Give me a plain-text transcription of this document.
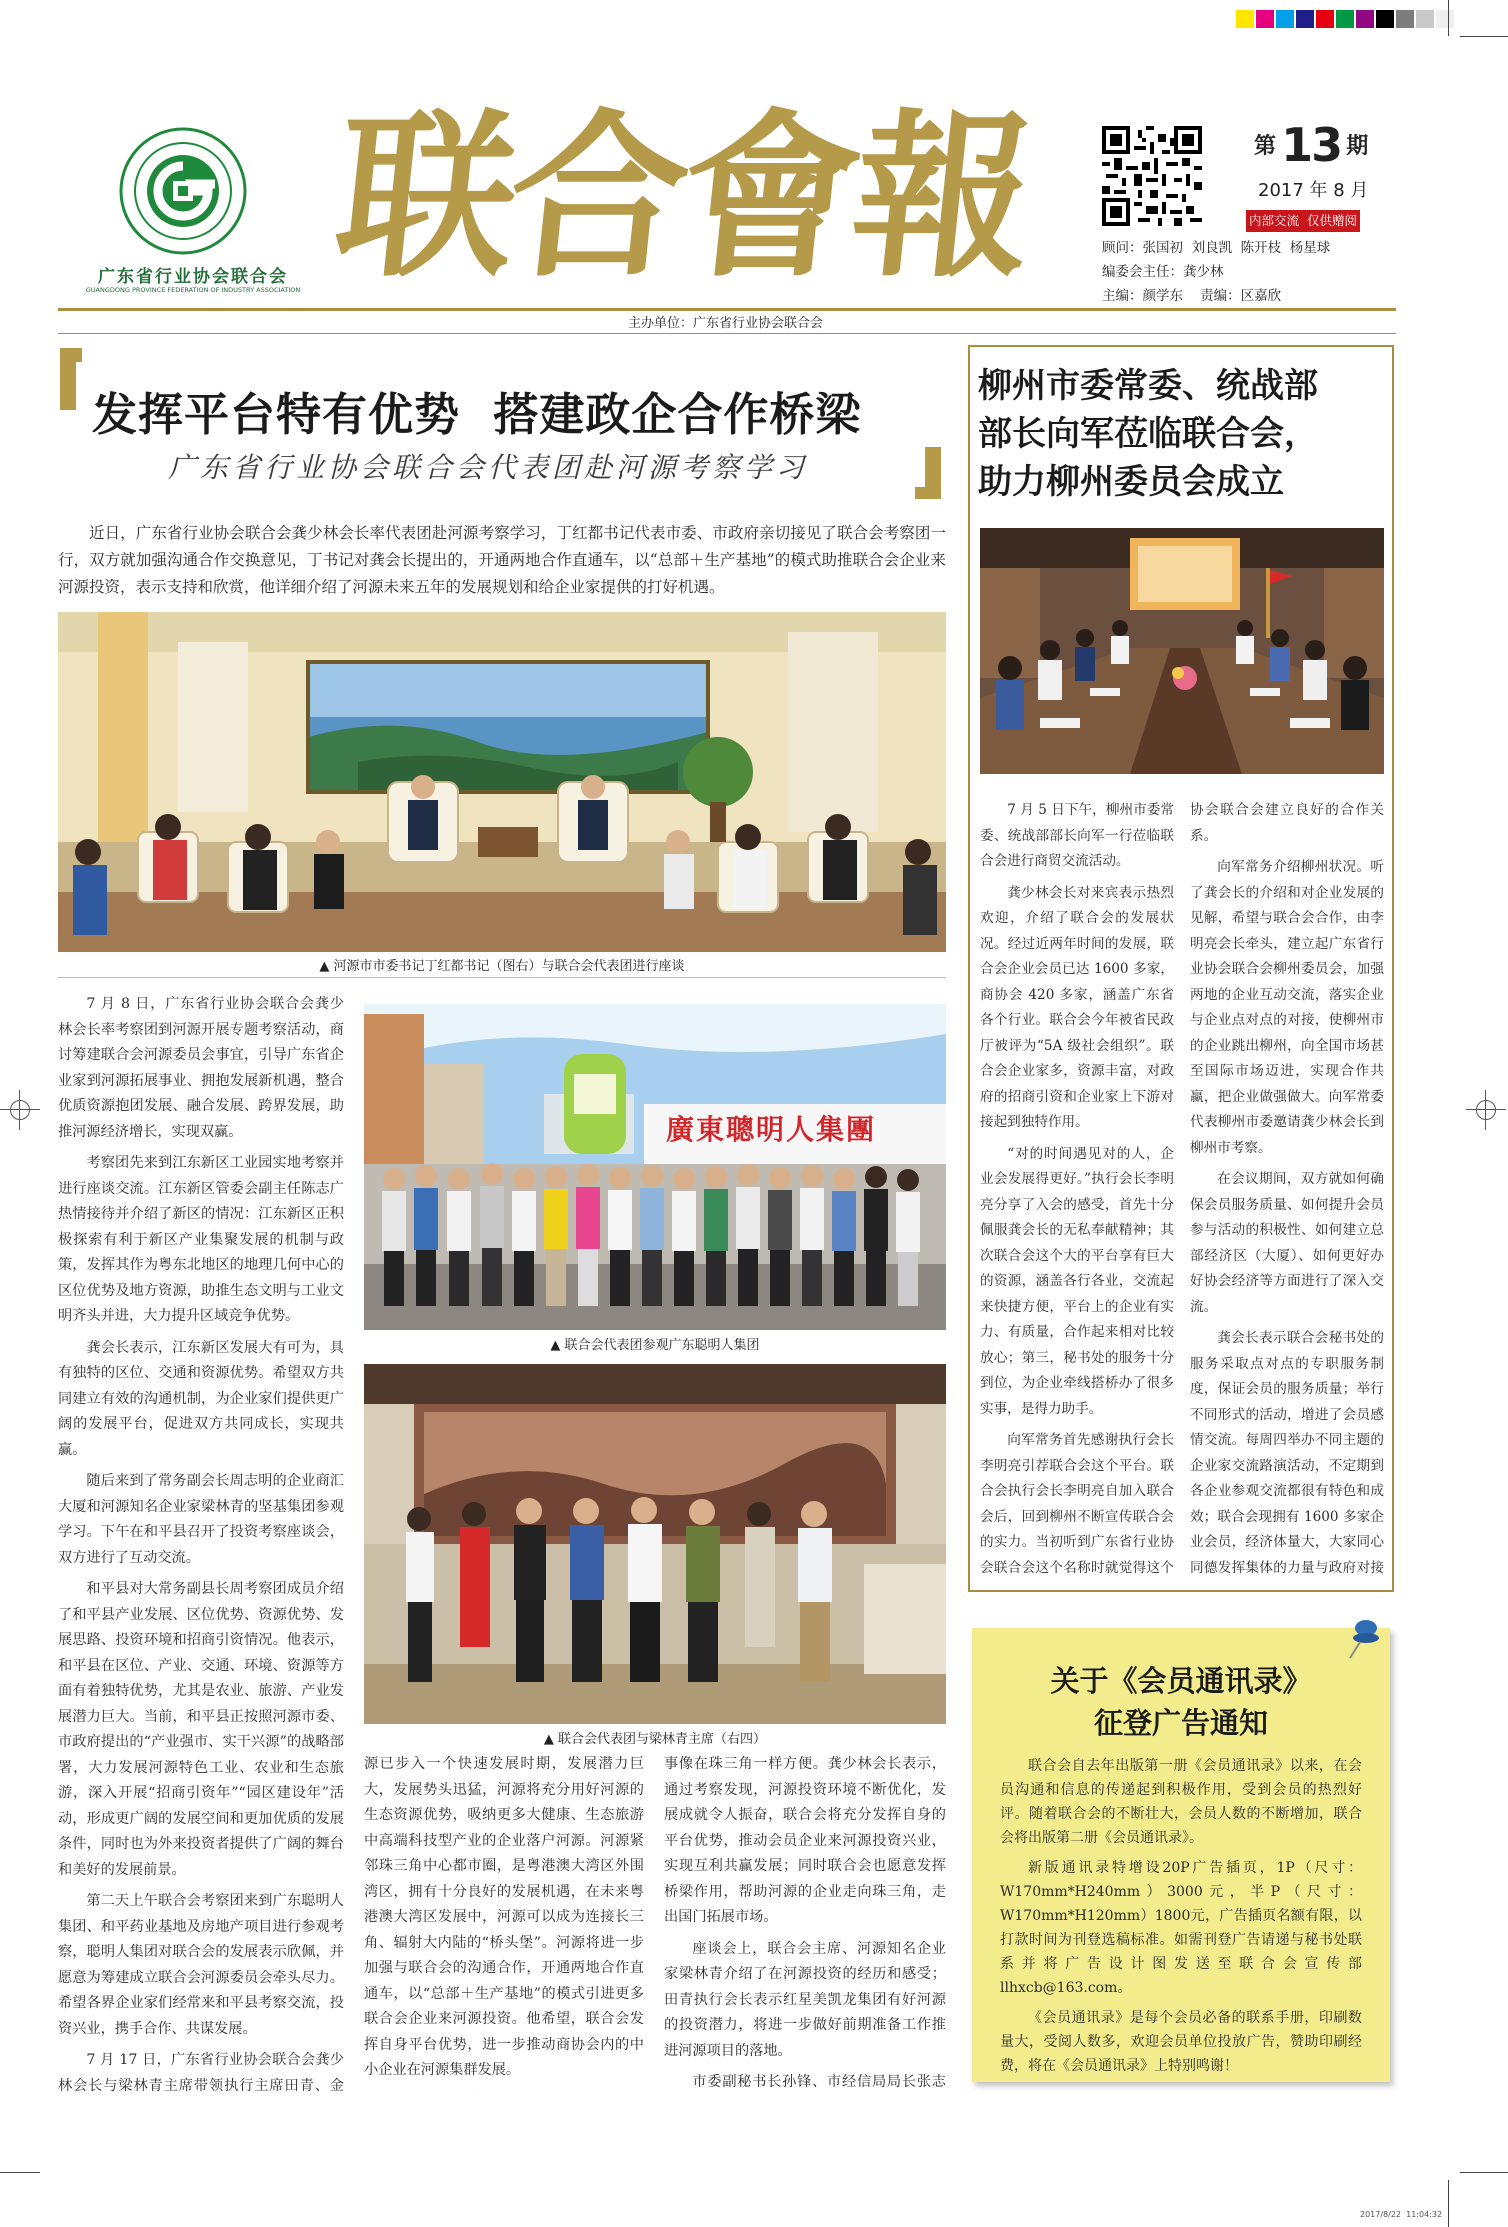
广东省行业协会联合会
GUANGDONG PROVINCE FEDERATION OF INDUSTRY ASSOCIATION 联合會報	第 13 期
2017 年 8 月
内部交流  仅供赠阅
顾问：张国初  刘良凯  陈开枝  杨星球
编委会主任：龚少林
主编：颜学东    责编：区嘉欣
主办单位：广东省行业协会联合会
发挥平台特有优势  搭建政企合作桥梁
广东省行业协会联合会代表团赴河源考察学习

近日，广东省行业协会联合会龚少林会长率代表团赴河源考察学习，丁红都书记代表市委、市政府亲切接见了联合会考察团一行，双方就加强沟通合作交换意见，丁书记对龚会长提出的，开通两地合作直通车，以“总部＋生产基地”的模式助推联合会企业来河源投资，表示支持和欣赏，他详细介绍了河源未来五年的发展规划和给企业家提供的打好机遇。

▲ 河源市市委书记丁红都书记（图右）与联合会代表团进行座谈

7 月 8 日，广东省行业协会联合会龚少林会长率考察团到河源开展专题考察活动，商讨筹建联合会河源委员会事宜，引导广东省企业家到河源拓展事业、拥抱发展新机遇，整合优质资源抱团发展、融合发展、跨界发展，助推河源经济增长，实现双赢。

考察团先来到江东新区工业园实地考察并进行座谈交流。江东新区管委会副主任陈志广热情接待并介绍了新区的情况：江东新区正积极探索有利于新区产业集聚发展的机制与政策，发挥其作为粤东北地区的地理几何中心的区位优势及地方资源，助推生态文明与工业文明齐头并进，大力提升区域竞争优势。

龚会长表示，江东新区发展大有可为，具有独特的区位、交通和资源优势。希望双方共同建立有效的沟通机制，为企业家们提供更广阔的发展平台，促进双方共同成长，实现共赢。

随后来到了常务副会长周志明的企业商汇大厦和河源知名企业家梁林青的坚基集团参观学习。下午在和平县召开了投资考察座谈会，双方进行了互动交流。

和平县对大常务副县长周考察团成员介绍了和平县产业发展、区位优势、资源优势、发展思路、投资环境和招商引资情况。他表示，和平县在区位、产业、交通、环境、资源等方面有着独特优势，尤其是农业、旅游、产业发展潜力巨大。当前，和平县正按照河源市委、市政府提出的“产业强市、实干兴源”的战略部署，大力发展河源特色工业、农业和生态旅游，深入开展“招商引资年”“园区建设年”活动，形成更广阔的发展空间和更加优质的发展条件，同时也为外来投资者提供了广阔的舞台和美好的发展前景。

第二天上午联合会考察团来到广东聪明人集团、和平药业基地及房地产项目进行参观考察，聪明人集团对联合会的发展表示欣佩，并愿意为筹建成立联合会河源委员会牵头尽力。希望各界企业家们经常来和平县考察交流，投资兴业，携手合作、共谋发展。

7 月 17 日，广东省行业协会联合会龚少林会长与梁林青主席带领执行主席田青、金

廣東聰明人集團
▲ 联合会代表团参观广东聪明人集团
▲ 联合会代表团与梁林青主席（右四）

源已步入一个快速发展时期，发展潜力巨大，发展势头迅猛，河源将充分用好河源的生态资源优势，吸纳更多大健康、生态旅游中高端科技型产业的企业落户河源。河源紧邻珠三角中心都市圈，是粤港澳大湾区外围湾区，拥有十分良好的发展机遇，在未来粤港澳大湾区发展中，河源可以成为连接长三角、辐射大内陆的“桥头堡”。河源将进一步加强与联合会的沟通合作，开通两地合作直通车，以“总部＋生产基地”的模式引进更多联合会企业来河源投资。他希望，联合会发挥自身平台优势，进一步推动商协会内的中小企业在河源集群发展。

事像在珠三角一样方便。龚少林会长表示，通过考察发现，河源投资环境不断优化，发展成就令人振奋，联合会将充分发挥自身的平台优势，推动会员企业来河源投资兴业，实现互利共赢发展；同时联合会也愿意发挥桥梁作用，帮助河源的企业走向珠三角，走出国门拓展市场。

座谈会上，联合会主席、河源知名企业家梁林青介绍了在河源投资的经历和感受；田青执行会长表示红星美凯龙集团有好河源的投资潜力，将进一步做好前期准备工作推进河源项目的落地。

市委副秘书长孙锋、市经信局局长张志

柳州市委常委、统战部
部长向军莅临联合会，
助力柳州委员会成立

7 月 5 日下午，柳州市委常委、统战部部长向军一行莅临联合会进行商贸交流活动。

龚少林会长对来宾表示热烈欢迎，介绍了联合会的发展状况。经过近两年时间的发展，联合会企业会员已达 1600 多家，商协会 420 多家，涵盖广东省各个行业。联合会今年被省民政厅被评为“5A 级社会组织”。联合会企业家多，资源丰富，对政府的招商引资和企业家上下游对接起到独特作用。

“对的时间遇见对的人，企业会发展得更好。”执行会长李明亮分享了入会的感受，首先十分佩服龚会长的无私奉献精神；其次联合会这个大的平台享有巨大的资源，涵盖各行各业，交流起来快捷方便，平台上的企业有实力、有质量，合作起来相对比较放心；第三，秘书处的服务十分到位，为企业牵线搭桥办了很多实事，是得力助手。

向军常务首先感谢执行会长李明亮引荐联合会这个平台。联合会执行会长李明亮自加入联合会后，回到柳州不断宣传联合会的实力。当初听到广东省行业协会联合会这个名称时就觉得这个

协会联合会建立良好的合作关系。

向军常务介绍柳州状况。听了龚会长的介绍和对企业发展的见解，希望与联合会合作，由李明亮会长牵头，建立起广东省行业协会联合会柳州委员会，加强两地的企业互动交流，落实企业与企业点对点的对接，使柳州市的企业跳出柳州，向全国市场甚至国际市场迈进，实现合作共赢，把企业做强做大。向军常委代表柳州市委邀请龚少林会长到柳州市考察。

在会议期间，双方就如何确保会员服务质量、如何提升会员参与活动的积极性、如何建立总部经济区（大厦）、如何更好办好协会经济等方面进行了深入交流。

龚会长表示联合会秘书处的服务采取点对点的专职服务制度，保证会员的服务质量；举行不同形式的活动，增进了会员感情交流。每周四举办不同主题的企业家交流路演活动，不定期到各企业参观交流都很有特色和成效；联合会现拥有 1600 多家企业会员，经济体量大，大家同心同德发挥集体的力量与政府对接

关于《会员通讯录》
征登广告通知

联合会自去年出版第一册《会员通讯录》以来，在会员沟通和信息的传递起到积极作用，受到会员的热烈好评。随着联合会的不断壮大，会员人数的不断增加，联合会将出版第二册《会员通讯录》。

新版通讯录特增设20P广告插页，1P（尺寸：W170mm*H240mm）3000元，半P（尺寸：W170mm*H120mm）1800元，广告插页名额有限，以打款时间为刊登选稿标准。如需刊登广告请递与秘书处联系并将广告设计图发送至联合会宣传部 llhxcb@163.com。

《会员通讯录》是每个会员必备的联系手册，印刷数量大，受阅人数多，欢迎会员单位投放广告，赞助印刷经费，将在《会员通讯录》上特别鸣谢！

2017/8/22  11:04:32
